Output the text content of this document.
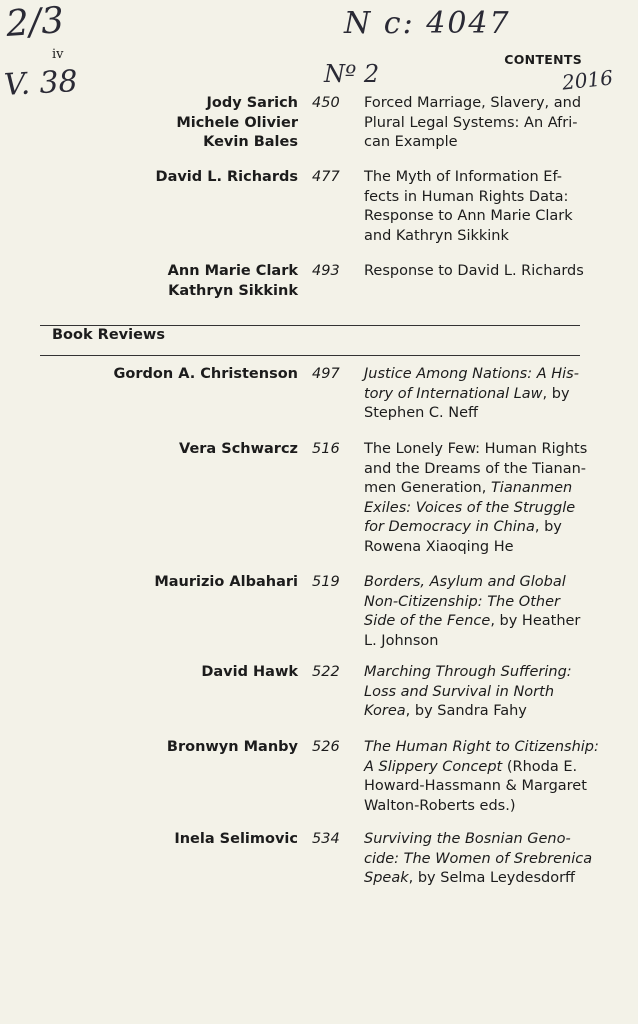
2/3
V. 38
N c: 4047
Nº 2	2016
iv	CONTENTS
Jody Sarich
Michele Olivier
Kevin Bales
450	Forced Marriage, Slavery, and
Plural Legal Systems: An Afri-
can Example
David L. Richards 477	The Myth of Information Ef-
fects in Human Rights Data:
Response to Ann Marie Clark
and Kathryn Sikkink
Ann Marie Clark
Kathryn Sikkink
493	Response to David L. Richards
Book Reviews
Gordon A. Christenson 497	Justice Among Nations: A His-
tory of International Law, by
Stephen C. Neff
Vera Schwarcz 516	The Lonely Few: Human Rights
and the Dreams of the Tianan-
men Generation, Tiananmen
Exiles: Voices of the Struggle
for Democracy in China, by
Rowena Xiaoqing He
Maurizio Albahari 519	Borders, Asylum and Global
Non-Citizenship: The Other
Side of the Fence, by Heather
L. Johnson
David Hawk 522	Marching Through Suffering:
Loss and Survival in North
Korea, by Sandra Fahy
Bronwyn Manby 526	The Human Right to Citizenship:
A Slippery Concept (Rhoda E.
Howard-Hassmann & Margaret
Walton-Roberts eds.)
Inela Selimovic 534	Surviving the Bosnian Geno-
cide: The Women of Srebrenica
Speak, by Selma Leydesdorff
